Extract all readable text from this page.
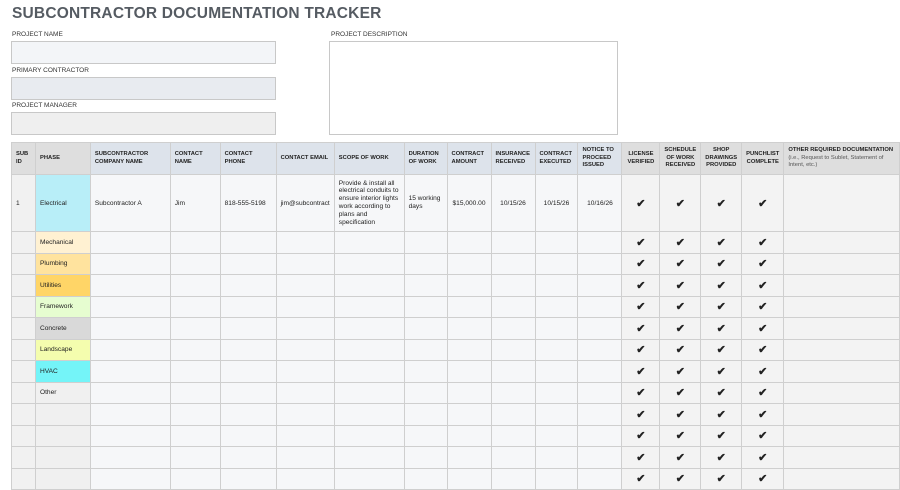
SUBCONTRACTOR DOCUMENTATION TRACKER
PROJECT NAME
PRIMARY CONTRACTOR
PROJECT MANAGER
PROJECT DESCRIPTION
SUB ID	PHASE	SUBCONTRACTOR COMPANY NAME	CONTACT NAME	CONTACT PHONE	CONTACT EMAIL	SCOPE OF WORK	DURATION OF WORK	CONTRACT AMOUNT	INSURANCE RECEIVED	CONTRACT EXECUTED	NOTICE TO PROCEED ISSUED	LICENSE VERIFIED	SCHEDULE OF WORK RECEIVED	SHOP DRAWINGS PROVIDED	PUNCHLIST COMPLETE	OTHER REQUIRED DOCUMENTATION
(i.e., Request to Sublet, Statement of Intent, etc.)

1	Electrical	Subcontractor A	Jim	818-555-5198	jim@subcontract	Provide & install all electrical conduits to ensure interior lights work according to plans and specification	15 working days	$15,000.00	10/15/26	10/15/26	10/16/26	✔	✔	✔	✔	
	Mechanical											✔	✔	✔	✔	
	Plumbing											✔	✔	✔	✔	
	Utilities											✔	✔	✔	✔	
	Framework											✔	✔	✔	✔	
	Concrete											✔	✔	✔	✔	
	Landscape											✔	✔	✔	✔	
	HVAC											✔	✔	✔	✔	
	Other											✔	✔	✔	✔	
												✔	✔	✔	✔	
												✔	✔	✔	✔	
												✔	✔	✔	✔	
												✔	✔	✔	✔	
